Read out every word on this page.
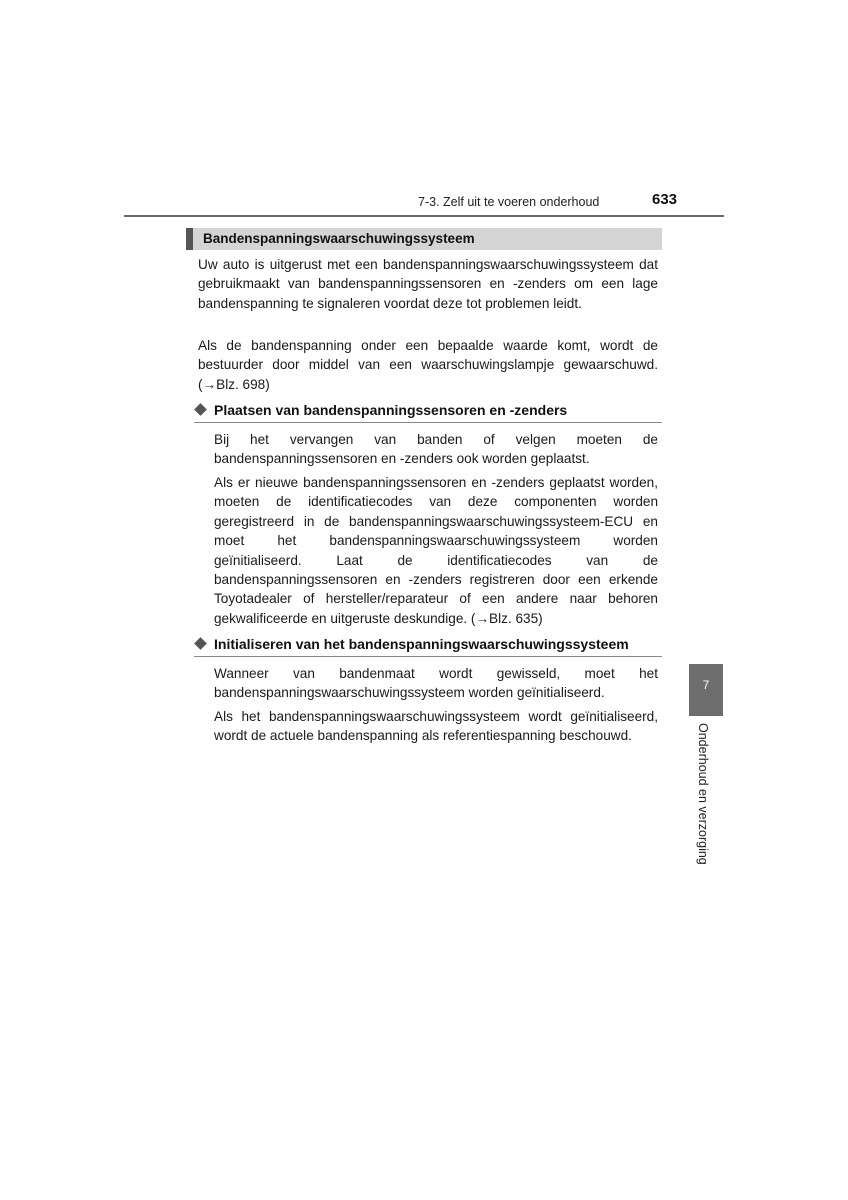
7-3. Zelf uit te voeren onderhoud	633
Bandenspanningswaarschuwingssysteem

Uw auto is uitgerust met een bandenspanningswaarschuwingssysteem dat gebruikmaakt van bandenspanningssensoren en -zenders om een lage bandenspanning te signaleren voordat deze tot problemen leidt.

Als de bandenspanning onder een bepaalde waarde komt, wordt de bestuurder door middel van een waarschuwingslampje gewaarschuwd. (→Blz. 698)

Plaatsen van bandenspanningssensoren en -zenders

Bij het vervangen van banden of velgen moeten de bandenspanningssensoren en -zenders ook worden geplaatst.

Als er nieuwe bandenspanningssensoren en -zenders geplaatst worden, moeten de identificatiecodes van deze componenten worden geregistreerd in de bandenspanningswaarschuwingssysteem-ECU en moet het bandenspanningswaarschuwingssysteem worden geïnitialiseerd. Laat de identificatiecodes van de bandenspanningssensoren en -zenders registreren door een erkende Toyotadealer of hersteller/reparateur of een andere naar behoren gekwalificeerde en uitgeruste deskundige. (→Blz. 635)

Initialiseren van het bandenspanningswaarschuwingssysteem

Wanneer van bandenmaat wordt gewisseld, moet het bandenspanningswaarschuwingssysteem worden geïnitialiseerd.

Als het bandenspanningswaarschuwingssysteem wordt geïnitialiseerd, wordt de actuele bandenspanning als referentiespanning beschouwd.

7
Onderhoud en verzorging
